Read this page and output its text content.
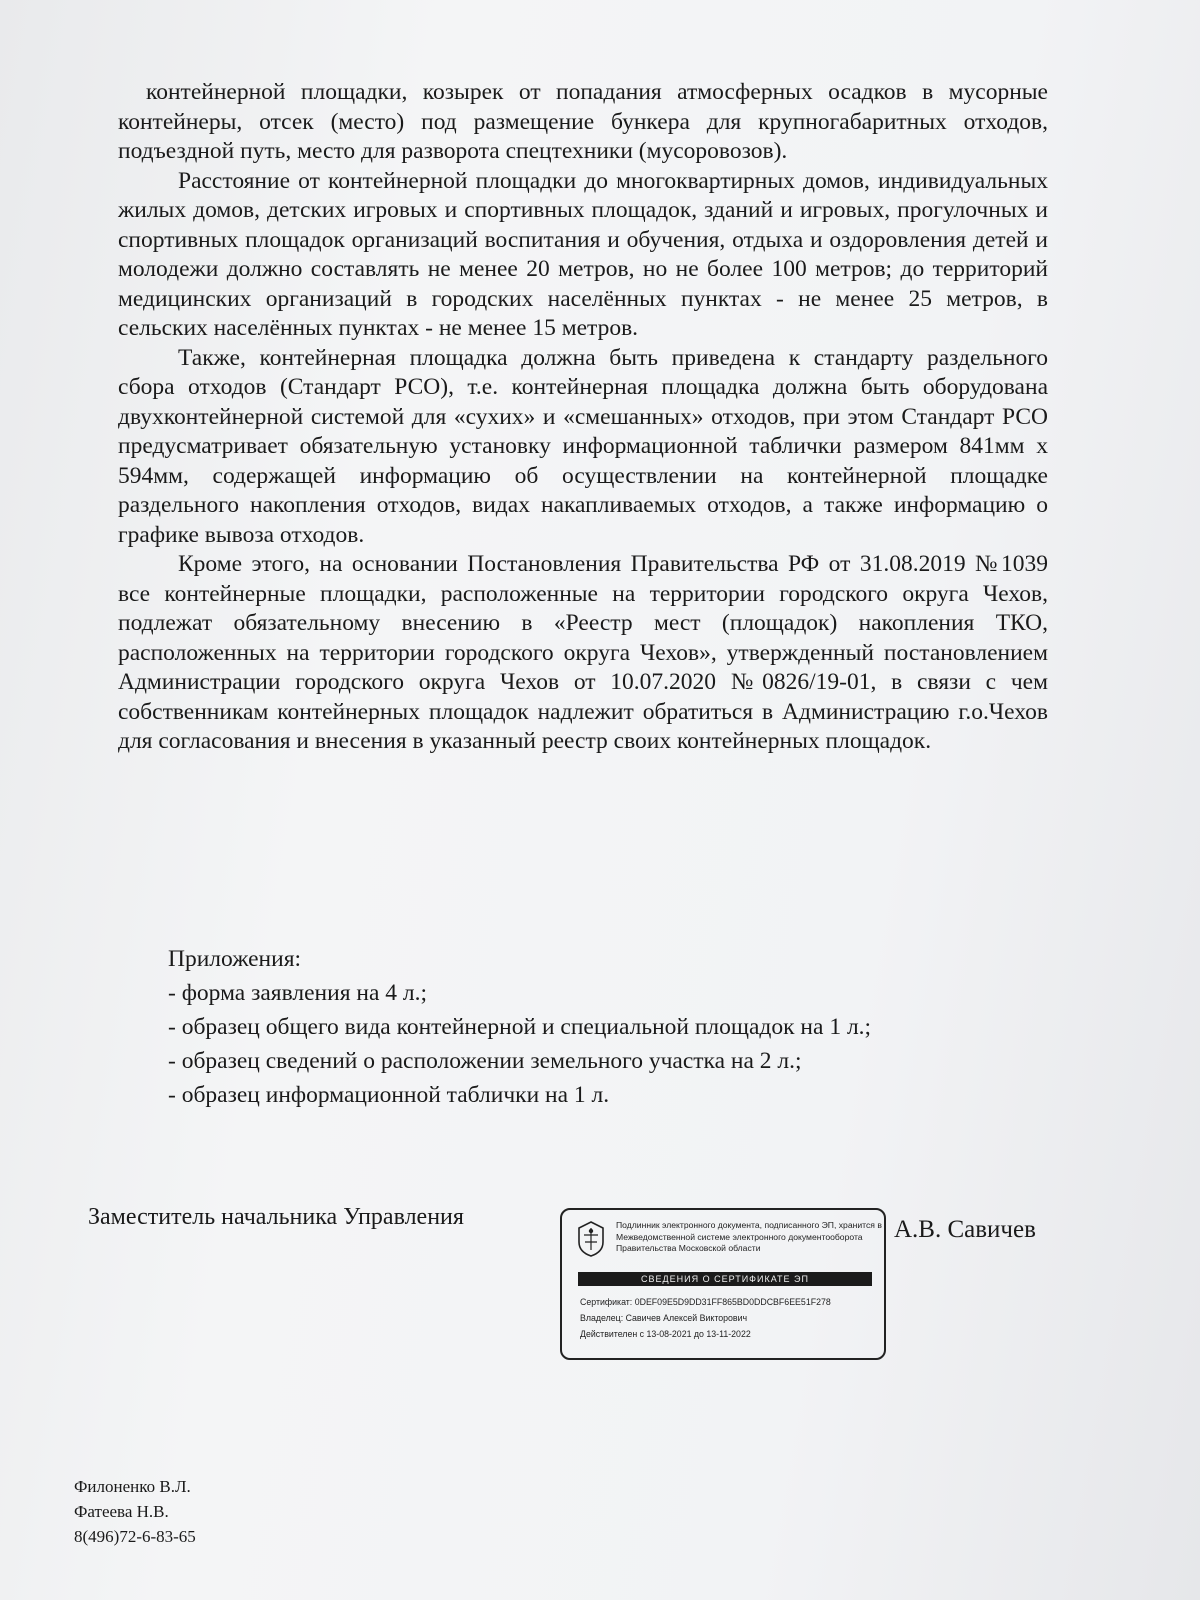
контейнерной площадки, козырек от попадания атмосферных осадков в мусорные контейнеры, отсек (место) под размещение бункера для крупногабаритных отходов, подъездной путь, место для разворота спецтехники (мусоровозов).

Расстояние от контейнерной площадки до многоквартирных домов, индивидуальных жилых домов, детских игровых и спортивных площадок, зданий и игровых, прогулочных и спортивных площадок организаций воспитания и обучения, отдыха и оздоровления детей и молодежи должно составлять не менее 20 метров, но не более 100 метров; до территорий медицинских организаций в городских населённых пунктах - не менее 25 метров, в сельских населённых пунктах - не менее 15 метров.

Также, контейнерная площадка должна быть приведена к стандарту раздельного сбора отходов (Стандарт РСО), т.е. контейнерная площадка должна быть оборудована двухконтейнерной системой для «сухих» и «смешанных» отходов, при этом Стандарт РСО предусматривает обязательную установку информационной таблички размером 841мм х 594мм, содержащей информацию об осуществлении на контейнерной площадке раздельного накопления отходов, видах накапливаемых отходов, а также информацию о графике вывоза отходов.

Кроме этого, на основании Постановления Правительства РФ от 31.08.2019 №1039 все контейнерные площадки, расположенные на территории городского округа Чехов, подлежат обязательному внесению в «Реестр мест (площадок) накопления ТКО, расположенных на территории городского округа Чехов», утвержденный постановлением Администрации городского округа Чехов от 10.07.2020 №0826/19-01, в связи с чем собственникам контейнерных площадок надлежит обратиться в Администрацию г.о.Чехов для согласования и внесения в указанный реестр своих контейнерных площадок.

Приложения:
- форма заявления на 4 л.;
- образец общего вида контейнерной и специальной площадок на 1 л.;
- образец сведений о расположении земельного участка на 2 л.;
- образец информационной таблички на 1 л.
Заместитель начальника Управления	Подлинник электронного документа, подписанного ЭП, хранится в Межведомственной системе электронного документооборота Правительства Московской области
СВЕДЕНИЯ О СЕРТИФИКАТЕ ЭП
Сертификат: 0DEF09E5D9DD31FF865BD0DDCBF6EE51F278
Владелец: Савичев Алексей Викторович
Действителен с 13-08-2021 до 13-11-2022
А.В. Савичев
Филоненко В.Л.
Фатеева Н.В.
8(496)72-6-83-65
